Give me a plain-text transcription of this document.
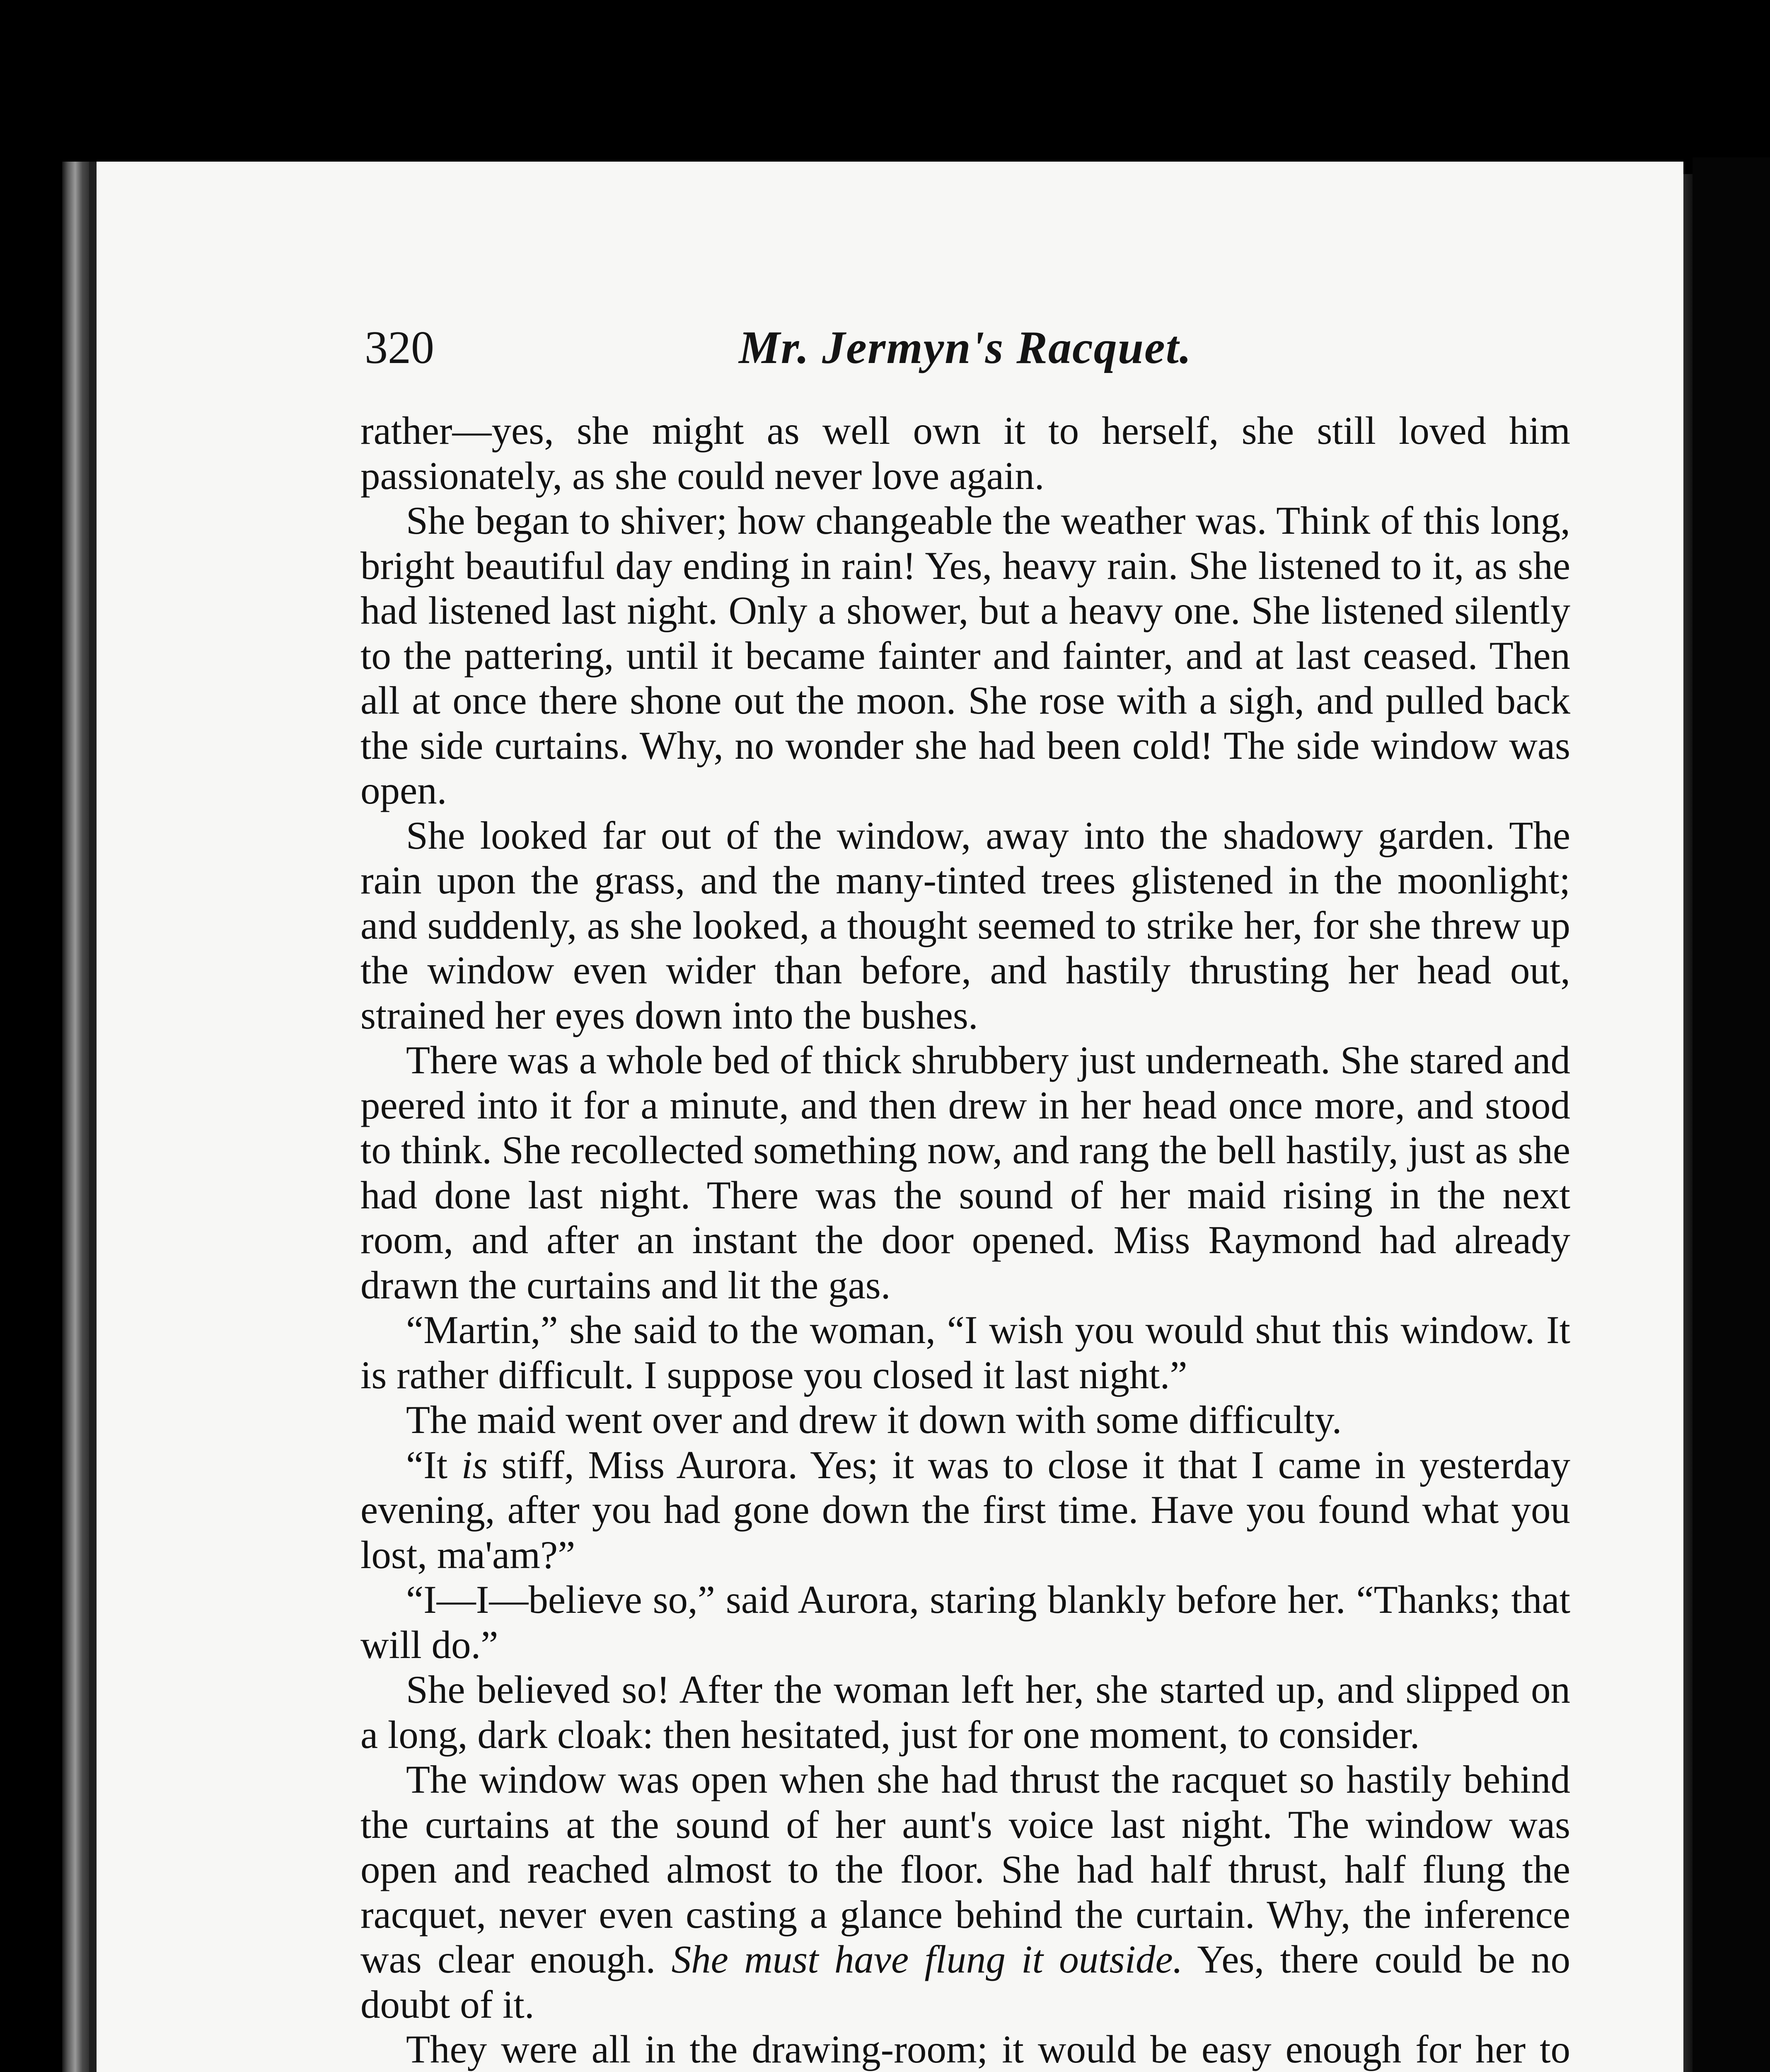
320	Mr. Jermyn's Racquet.

rather—yes, she might as well own it to herself, she still loved him passionately, as she could never love again.

She began to shiver; how changeable the weather was. Think of this long, bright beautiful day ending in rain! Yes, heavy rain. She listened to it, as she had listened last night. Only a shower, but a heavy one. She listened silently to the pattering, until it became fainter and fainter, and at last ceased. Then all at once there shone out the moon. She rose with a sigh, and pulled back the side curtains. Why, no wonder she had been cold! The side window was open.

She looked far out of the window, away into the shadowy garden. The rain upon the grass, and the many-tinted trees glistened in the moonlight; and suddenly, as she looked, a thought seemed to strike her, for she threw up the window even wider than before, and hastily thrusting her head out, strained her eyes down into the bushes.

There was a whole bed of thick shrubbery just underneath. She stared and peered into it for a minute, and then drew in her head once more, and stood to think. She recollected something now, and rang the bell hastily, just as she had done last night. There was the sound of her maid rising in the next room, and after an instant the door opened. Miss Raymond had already drawn the curtains and lit the gas.

“Martin,” she said to the woman, “I wish you would shut this window. It is rather difficult. I suppose you closed it last night.”

The maid went over and drew it down with some difficulty.

“It is stiff, Miss Aurora. Yes; it was to close it that I came in yesterday evening, after you had gone down the first time. Have you found what you lost, ma'am?”

“I—I—believe so,” said Aurora, staring blankly before her. “Thanks; that will do.”

She believed so! After the woman left her, she started up, and slipped on a long, dark cloak: then hesitated, just for one moment, to consider.

The window was open when she had thrust the racquet so hastily behind the curtains at the sound of her aunt's voice last night. The window was open and reached almost to the floor. She had half thrust, half flung the racquet, never even casting a glance behind the curtain. Why, the inference was clear enough. She must have flung it outside. Yes, there could be no doubt of it.

They were all in the drawing-room; it would be easy enough for her to
